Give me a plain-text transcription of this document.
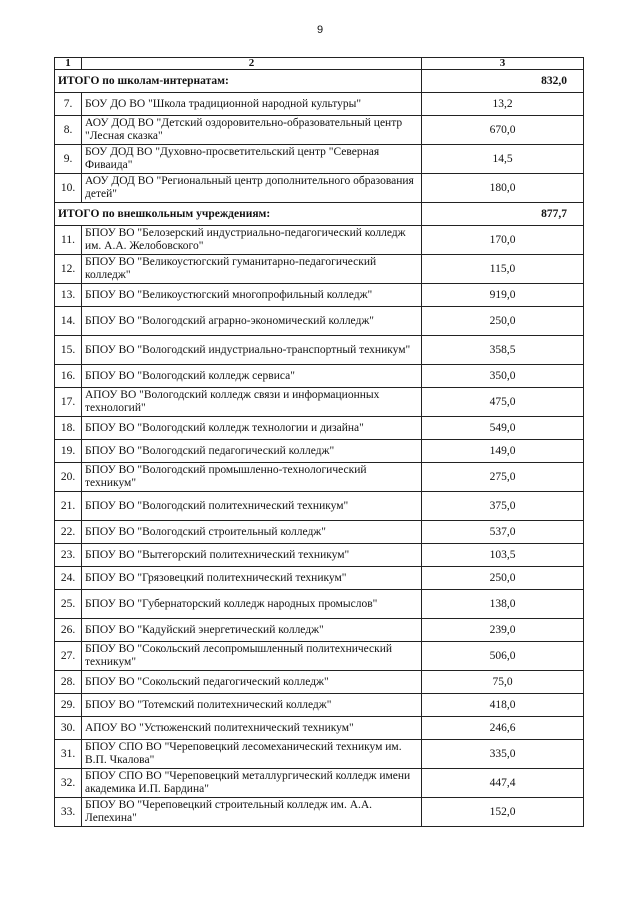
9
1	2	3
ИТОГО по школам-интернатам:		832,0
7.	БОУ ДО ВО "Школа традиционной народной культуры"	13,2
8.	АОУ ДОД ВО "Детский оздоровительно-образовательный центр "Лесная сказка"	670,0
9.	БОУ ДОД ВО "Духовно-просветительский центр "Северная Фиваида"	14,5
10.	АОУ ДОД ВО "Региональный центр дополнительного образования детей"	180,0
ИТОГО по внешкольным учреждениям:		877,7
11.	БПОУ ВО "Белозерский индустриально-педагогический колледж им. А.А. Желобовского"	170,0
12.	БПОУ ВО "Великоустюгский гуманитарно-педагогический колледж"	115,0
13.	БПОУ ВО "Великоустюгский многопрофильный колледж"	919,0
14.	БПОУ ВО "Вологодский аграрно-экономический колледж"	250,0
15.	БПОУ ВО "Вологодский индустриально-транспортный техникум"	358,5
16.	БПОУ ВО "Вологодский колледж сервиса"	350,0
17.	АПОУ ВО "Вологодский колледж связи и информационных технологий"	475,0
18.	БПОУ ВО "Вологодский колледж технологии и дизайна"	549,0
19.	БПОУ ВО "Вологодский педагогический колледж"	149,0
20.	БПОУ ВО "Вологодский промышленно-технологический техникум"	275,0
21.	БПОУ ВО "Вологодский политехнический техникум"	375,0
22.	БПОУ ВО "Вологодский строительный колледж"	537,0
23.	БПОУ ВО "Вытегорский политехнический техникум"	103,5
24.	БПОУ ВО "Грязовецкий политехнический техникум"	250,0
25.	БПОУ ВО "Губернаторский колледж народных промыслов"	138,0
26.	БПОУ ВО "Кадуйский энергетический колледж"	239,0
27.	БПОУ ВО "Сокольский лесопромышленный политехнический техникум"	506,0
28.	БПОУ ВО "Сокольский педагогический колледж"	75,0
29.	БПОУ ВО "Тотемский политехнический колледж"	418,0
30.	АПОУ ВО "Устюженский политехнический техникум"	246,6
31.	БПОУ СПО ВО "Череповецкий лесомеханический техникум им. В.П. Чкалова"	335,0
32.	БПОУ СПО ВО "Череповецкий металлургический колледж имени академика И.П. Бардина"	447,4
33.	БПОУ ВО "Череповецкий строительный колледж им. А.А. Лепехина"	152,0
